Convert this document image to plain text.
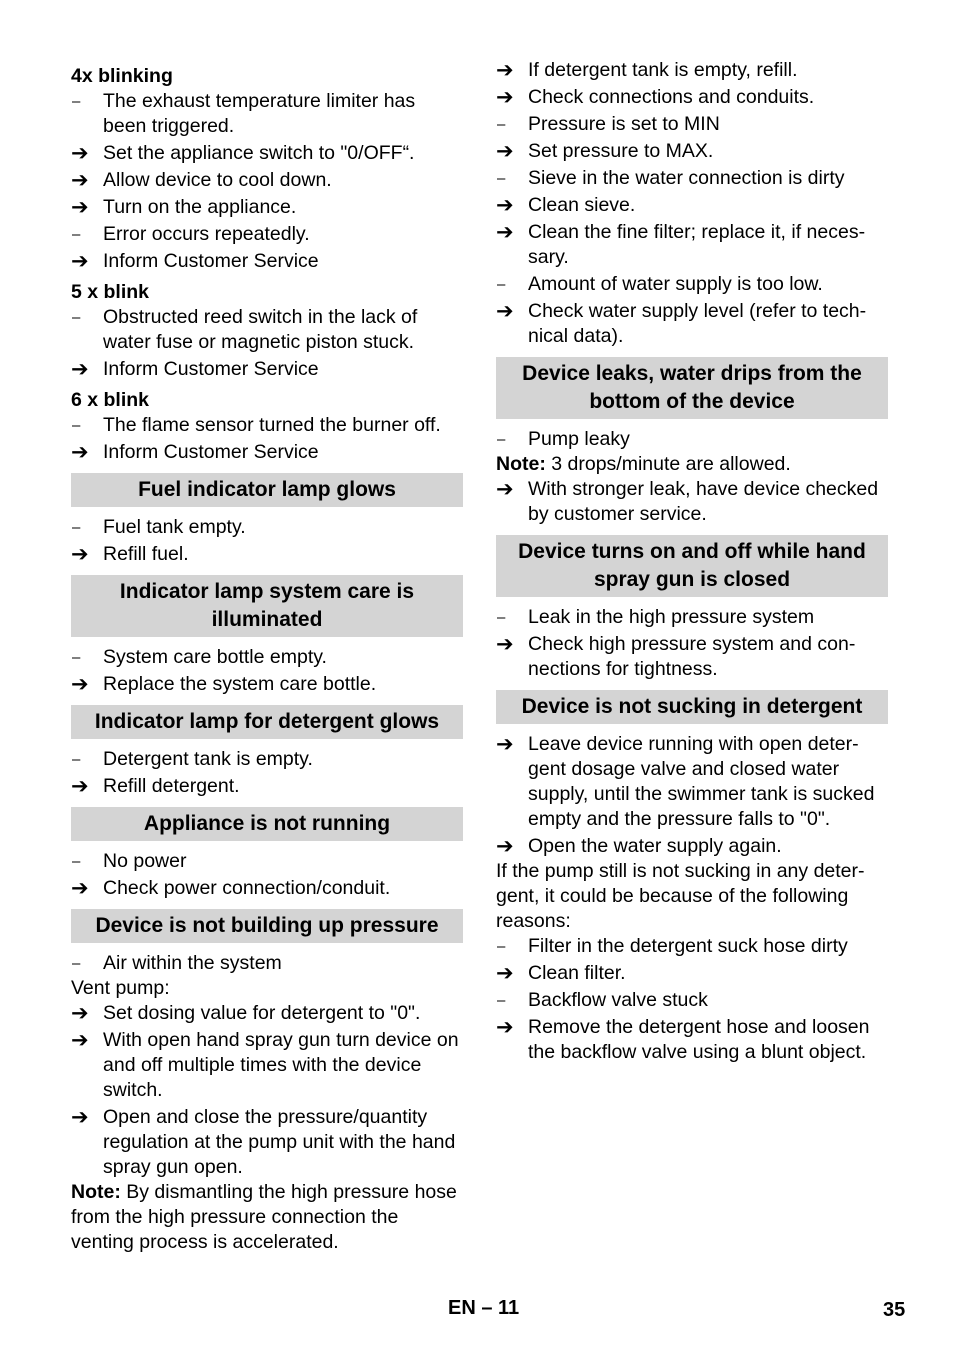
4x blinking
–	The exhaust temperature limiter has been triggered.
➔ Set the appliance switch to "0/OFF“.
➔ Allow device to cool down.
➔ Turn on the appliance.
–	Error occurs repeatedly.
➔ Inform Customer Service
5 x blink
–	Obstructed reed switch in the lack of water fuse or magnetic piston stuck.
➔ Inform Customer Service
6 x blink
–	The flame sensor turned the burner off.
➔ Inform Customer Service
Fuel indicator lamp glows
–	Fuel tank empty.
➔ Refill fuel.
Indicator lamp system care is illuminated
–	System care bottle empty.
➔ Replace the system care bottle.
Indicator lamp for detergent glows
–	Detergent tank is empty.
➔ Refill detergent.
Appliance is not running
–	No power
➔ Check power connection/conduit.
Device is not building up pressure
–	Air within the system
Vent pump:
➔ Set dosing value for detergent to "0".
➔ With open hand spray gun turn device on and off multiple times with the device switch.
➔ Open and close the pressure/quantity regulation at the pump unit with the hand spray gun open.
Note: By dismantling the high pressure hose from the high pressure connection the venting process is accelerated.
➔ If detergent tank is empty, refill.
➔ Check connections and conduits.
–	Pressure is set to MIN
➔ Set pressure to MAX.
–	Sieve in the water connection is dirty
➔ Clean sieve.
➔ Clean the fine filter; replace it, if neces-sary.
–	Amount of water supply is too low.
➔ Check water supply level (refer to tech-nical data).
Device leaks, water drips from the bottom of the device
–	Pump leaky
Note: 3 drops/minute are allowed.
➔ With stronger leak, have device checked by customer service.
Device turns on and off while hand spray gun is closed
–	Leak in the high pressure system
➔ Check high pressure system and con-nections for tightness.
Device is not sucking in detergent
➔ Leave device running with open deter-gent dosage valve and closed water supply, until the swimmer tank is sucked empty and the pressure falls to "0".
➔ Open the water supply again.
If the pump still is not sucking in any deter-gent, it could be because of the following reasons:
–	Filter in the detergent suck hose dirty
➔ Clean filter.
–	Backflow valve stuck
➔ Remove the detergent hose and loosen the backflow valve using a blunt object.
EN – 11	35
